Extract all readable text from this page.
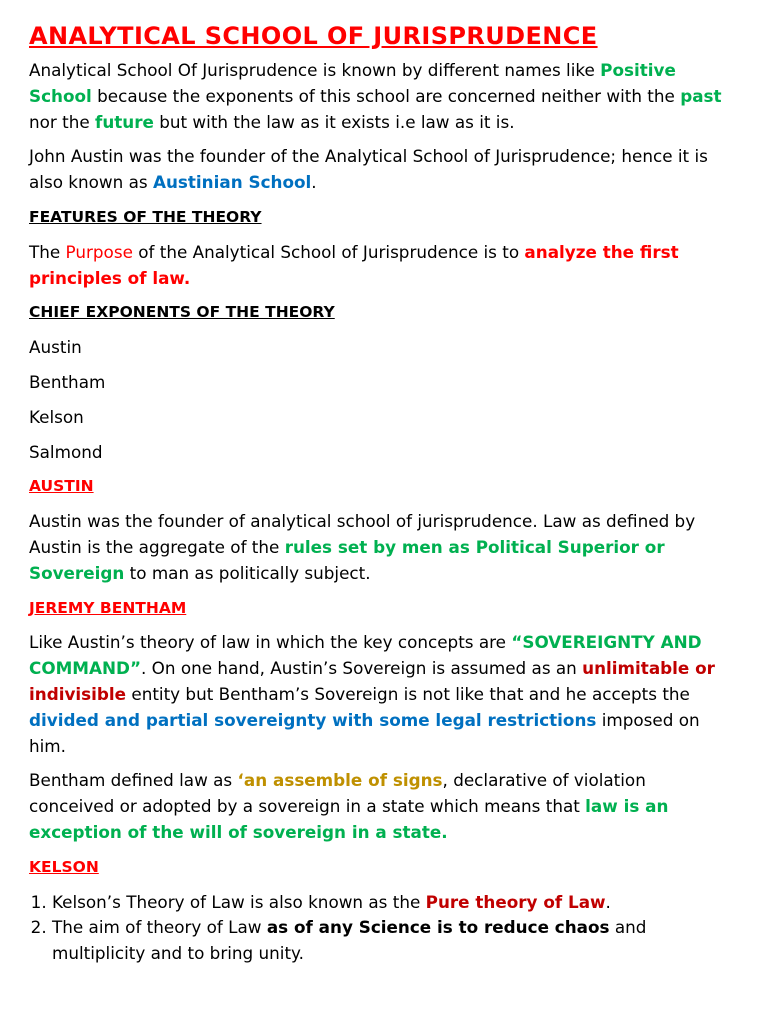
ANALYTICAL SCHOOL OF JURISPRUDENCE

Analytical School Of Jurisprudence is known by different names like Positive School because the exponents of this school are concerned neither with the past nor the future but with the law as it exists i.e law as it is.

John Austin was the founder of the Analytical School of Jurisprudence; hence it is also known as Austinian School.

FEATURES OF THE THEORY

The Purpose of the Analytical School of Jurisprudence is to analyze the first principles of law.

CHIEF EXPONENTS OF THE THEORY

Austin

Bentham

Kelson

Salmond

AUSTIN

Austin was the founder of analytical school of jurisprudence. Law as defined by Austin is the aggregate of the rules set by men as Political Superior or Sovereign to man as politically subject.

JEREMY BENTHAM

Like Austin’s theory of law in which the key concepts are “SOVEREIGNTY AND COMMAND”. On one hand, Austin’s Sovereign is assumed as an unlimitable or indivisible entity but Bentham’s Sovereign is not like that and he accepts the divided and partial sovereignty with some legal restrictions imposed on him.

Bentham defined law as ‘an assemble of signs, declarative of violation conceived or adopted by a sovereign in a state which means that law is an exception of the will of sovereign in a state.

KELSON
1. Kelson’s Theory of Law is also known as the Pure theory of Law.
2. The aim of theory of Law as of any Science is to reduce chaos and multiplicity and to bring unity.
